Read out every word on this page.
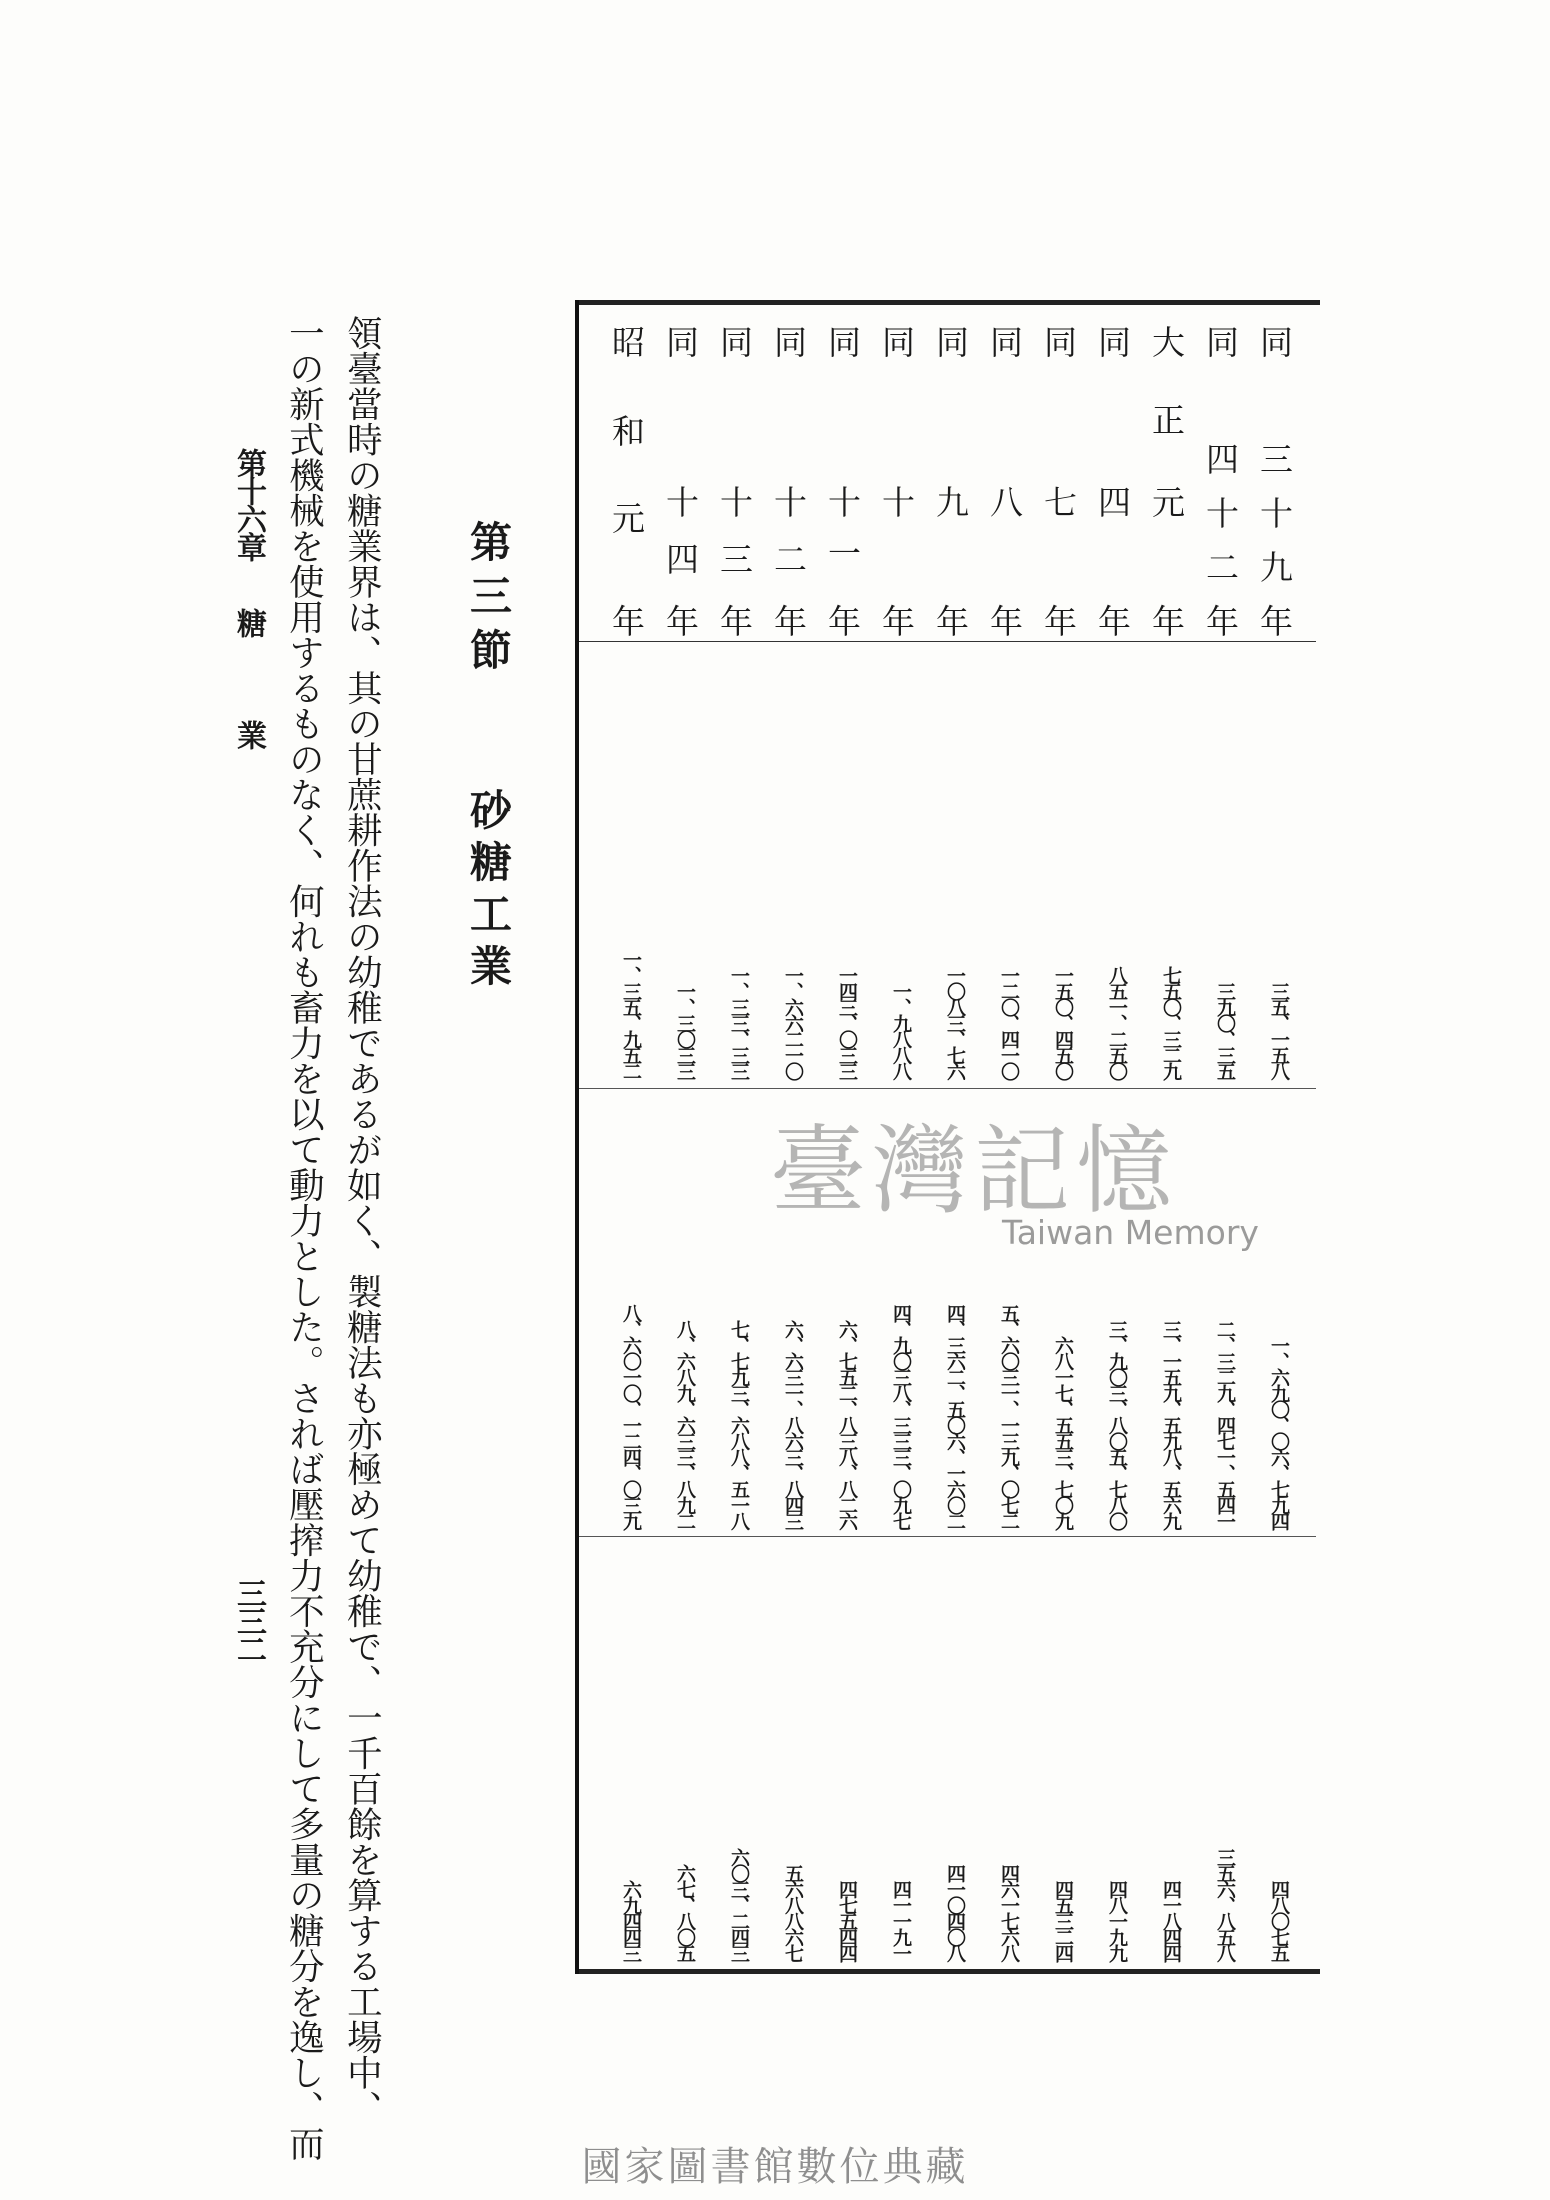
同
三
十
九
年
同
四
十
二
年
大
正
元
年
同
四
年
同
七
年
同
八
年
同
九
年
同
十
年
同
十
一
年
同
十
二
年
同
十
三
年
同
十
四
年
昭
和
元
年
三五、一五八
三九〇、三五
七五〇、三二九
八五一、二五〇
一五〇、四五〇
一二〇、四一〇
一〇八三、七六
一、九八八八
一四三、〇三三
一、六六二一〇
一、三三、三三
一、三〇三三
一、三五、九五二
一、六九〇、〇六、七九四
二、三二九、四七一、五四一
三、一五九、五九八、五六九
三、九〇三、八〇五、七八〇
六八一七、五五三、七〇九
五、六〇三一、一三九、〇七二
四、三六二、五〇六、一六〇二
四、九〇三八、三三三、〇九七
六、七五二、八三八、八二六
六、六三一、八六三、八四三
七、七九三、六八八、五一八
八、六八九、六三三、八九二
八、六〇一〇、一二四、〇三九
四八〇七五
三五六、八五八
四一八四四
四八一九九
四五三二四
四六一七六八
四一〇四〇八
四一一九一
四七五四四
五六八八六七
六〇三、二四三
六七、八〇五
六九四四三
第三節
砂糖工業
領臺當時の糖業界は、其の甘蔗耕作法の幼稚であるが如く、製糖法も亦極めて幼稚で、一千百餘を算する工場中、
一の新式機械を使用するものなく、何れも畜力を以て動力とした。されば壓搾力不充分にして多量の糖分を逸し、而
第十六章
糖
業
三三二
臺灣記憶
Taiwan Memory
國家圖書館數位典藏
